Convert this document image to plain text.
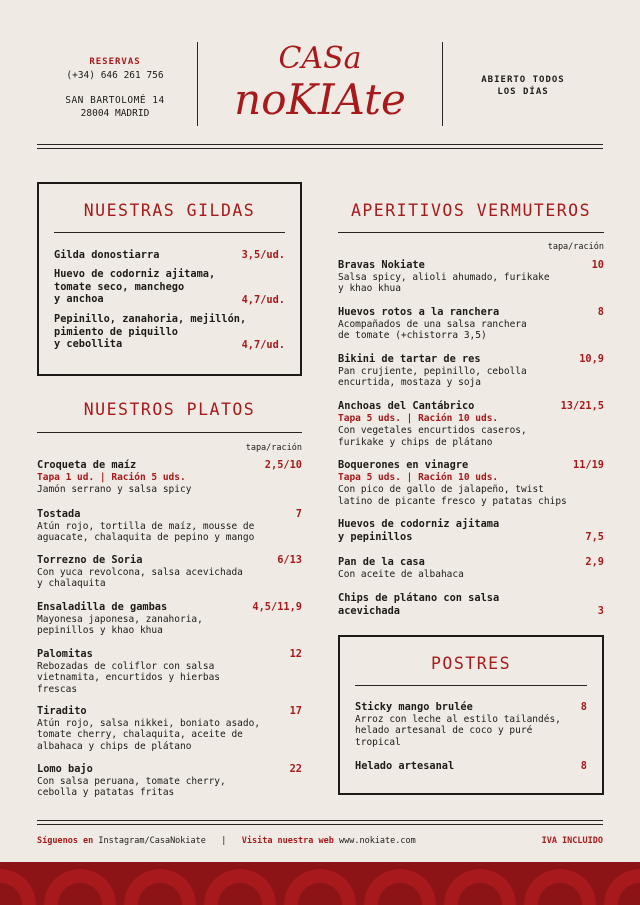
RESERVAS
(+34) 646 261 756
SAN BARTOLOMÉ 14
28004 MADRID
CASa
noKIAte	ABIERTO TODOS
LOS DÍAS
NUESTRAS GILDAS
Gilda donostiarra	3,5/ud.
Huevo de codorniz ajitama,
tomate seco, manchego
y anchoa	4,7/ud.
Pepinillo, zanahoria, mejillón,
pimiento de piquillo
y cebollita	4,7/ud.
NUESTROS PLATOS
tapa/ración
Croqueta de maíz	2,5/10
Tapa 1 ud. | Ración 5 uds.
Jamón serrano y salsa spicy
Tostada	7
Atún rojo, tortilla de maíz, mousse de
aguacate, chalaquita de pepino y mango
Torrezno de Soria	6/13
Con yuca revolcona, salsa acevichada
y chalaquita
Ensaladilla de gambas	4,5/11,9
Mayonesa japonesa, zanahoria,
pepinillos y khao khua
Palomitas	12
Rebozadas de coliflor con salsa
vietnamita, encurtidos y hierbas
frescas
Tiradito	17
Atún rojo, salsa nikkei, boniato asado,
tomate cherry, chalaquita, aceite de
albahaca y chips de plátano
Lomo bajo	22
Con salsa peruana, tomate cherry,
cebolla y patatas fritas
APERITIVOS VERMUTEROS
tapa/ración
Bravas Nokiate	10
Salsa spicy, alioli ahumado, furikake
y khao khua
Huevos rotos a la ranchera	8
Acompañados de una salsa ranchera
de tomate (+chistorra 3,5)
Bikini de tartar de res	10,9
Pan crujiente, pepinillo, cebolla
encurtida, mostaza y soja
Anchoas del Cantábrico	13/21,5
Tapa 5 uds. | Ración 10 uds.
Con vegetales encurtidos caseros,
furikake y chips de plátano
Boquerones en vinagre	11/19
Tapa 5 uds. | Ración 10 uds.
Con pico de gallo de jalapeño, twist
latino de picante fresco y patatas chips
Huevos de codorniz ajitama
y pepinillos	7,5
Pan de la casa	2,9
Con aceite de albahaca
Chips de plátano con salsa
acevichada	3
POSTRES
Sticky mango brulée	8
Arroz con leche al estilo tailandés,
helado artesanal de coco y puré
tropical
Helado artesanal	8
Síguenos en Instagram/CasaNokiate | Visita nuestra web www.nokiate.com	IVA INCLUIDO
